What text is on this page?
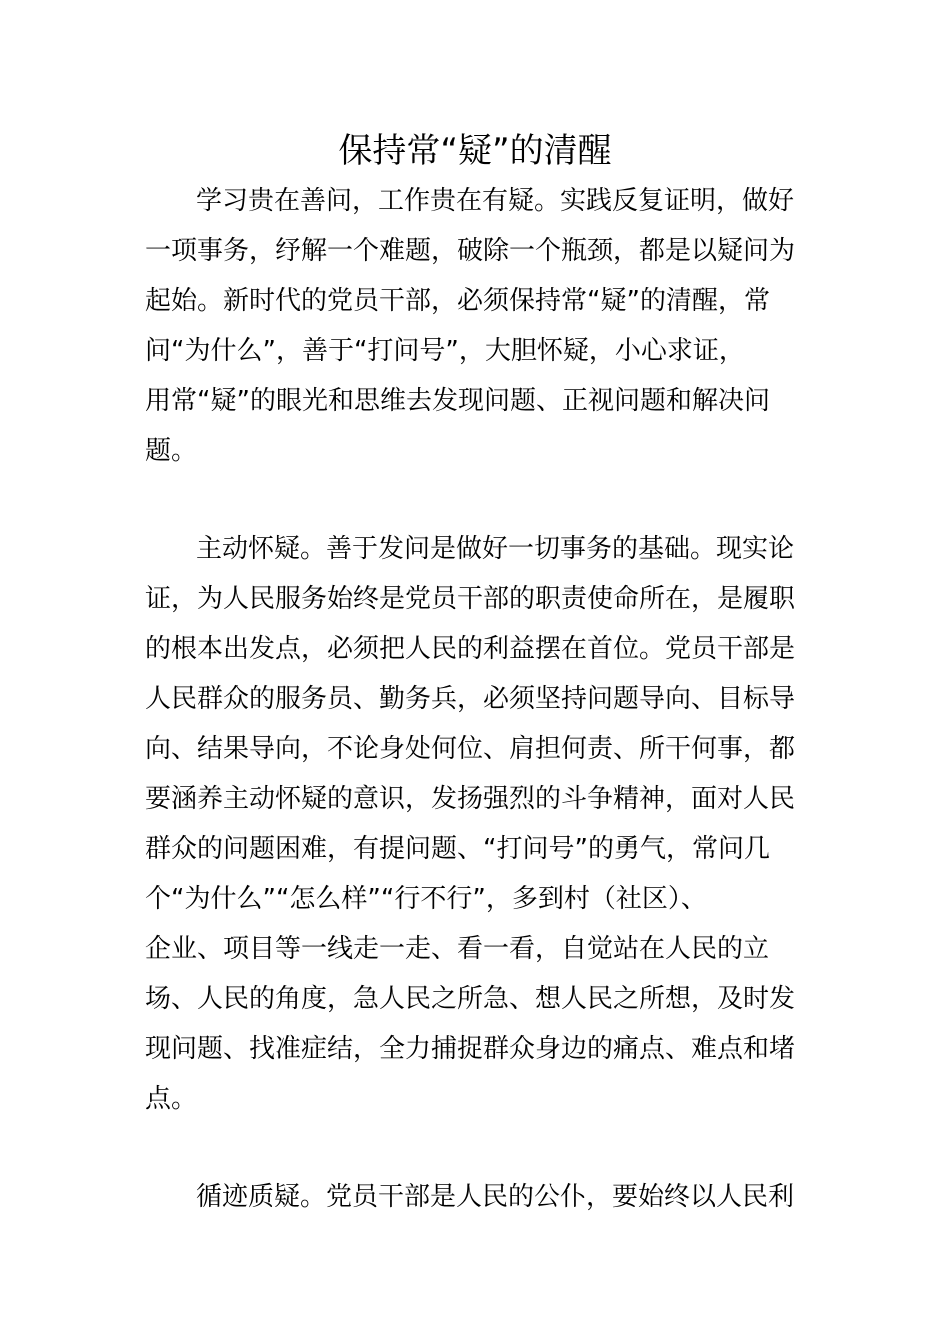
保持常“疑”的清醒

学习贵在善问，工作贵在有疑。实践反复证明，做好

一项事务，纾解一个难题，破除一个瓶颈，都是以疑问为

起始。新时代的党员干部，必须保持常“疑”的清醒，常

问“为什么”，善于“打问号”，大胆怀疑，小心求证，

用常“疑”的眼光和思维去发现问题、正视问题和解决问

题。

主动怀疑。善于发问是做好一切事务的基础。现实论

证，为人民服务始终是党员干部的职责使命所在，是履职

的根本出发点，必须把人民的利益摆在首位。党员干部是

人民群众的服务员、勤务兵，必须坚持问题导向、目标导

向、结果导向，不论身处何位、肩担何责、所干何事，都

要涵养主动怀疑的意识，发扬强烈的斗争精神，面对人民

群众的问题困难，有提问题、“打问号”的勇气，常问几

个“为什么”“怎么样”“行不行”，多到村（社区）、

企业、项目等一线走一走、看一看，自觉站在人民的立

场、人民的角度，急人民之所急、想人民之所想，及时发

现问题、找准症结，全力捕捉群众身边的痛点、难点和堵

点。

循迹质疑。党员干部是人民的公仆，要始终以人民利
